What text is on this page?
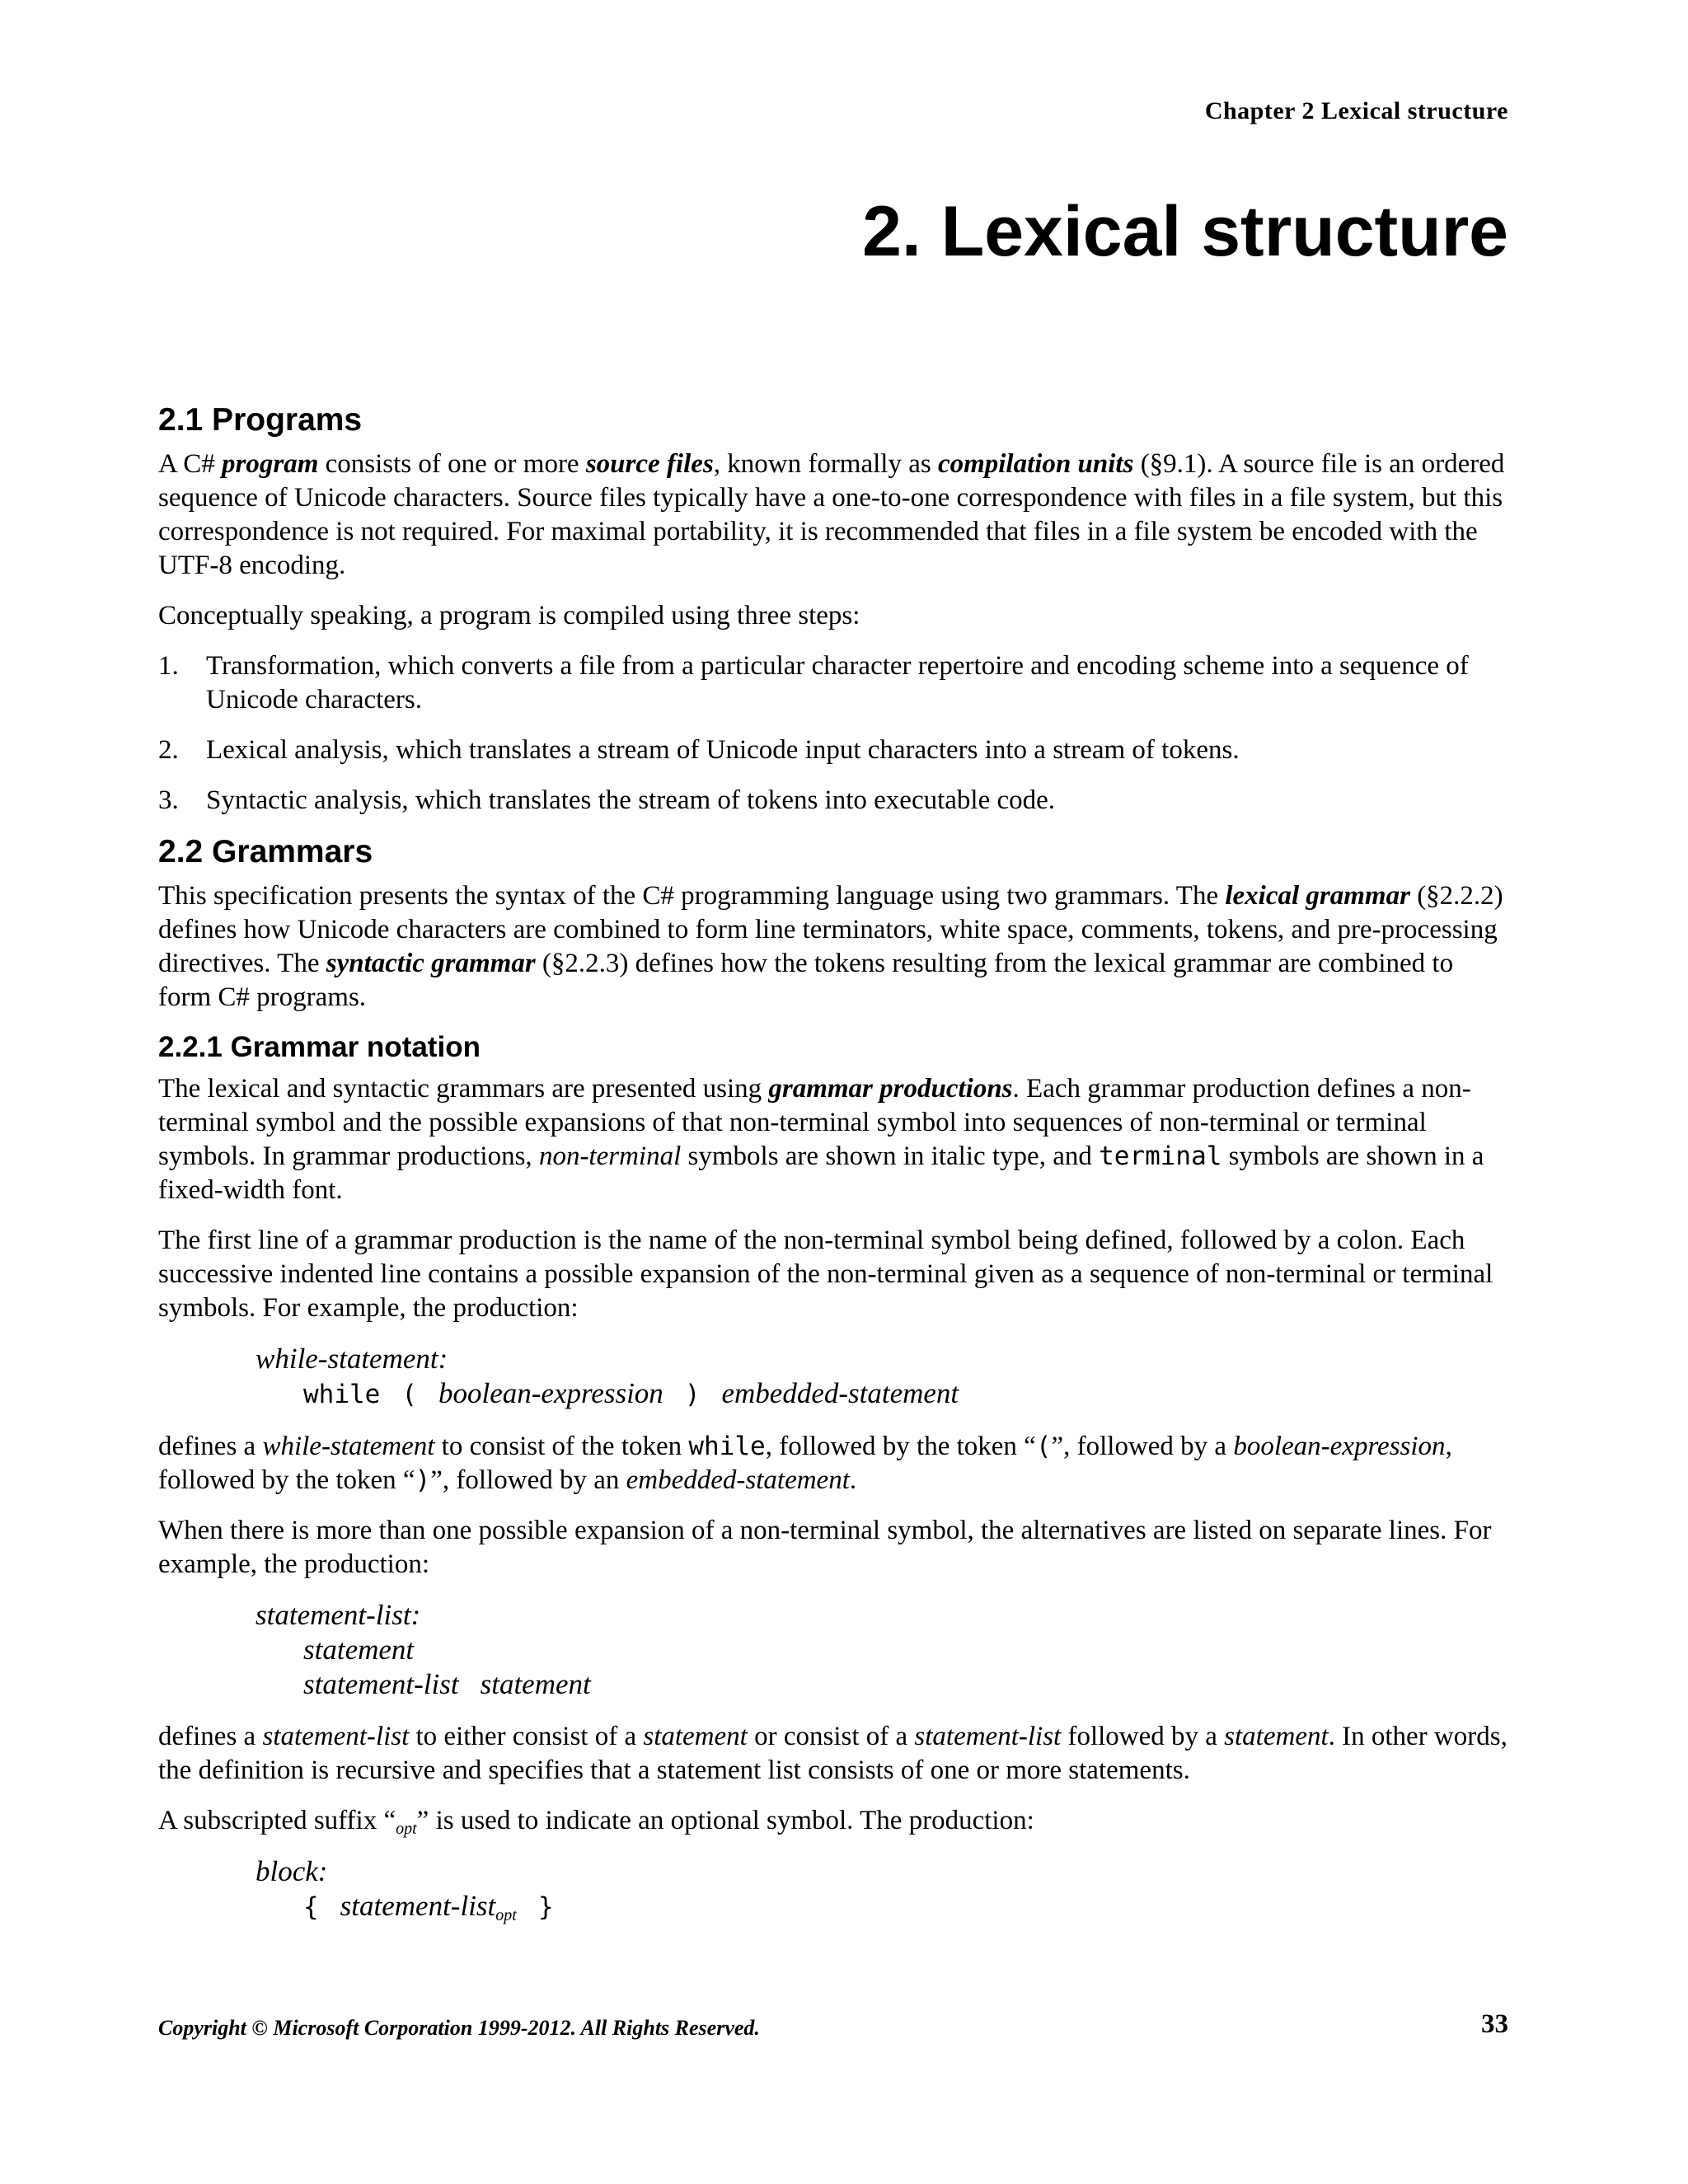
Chapter 2 Lexical structure
2. Lexical structure
2.1 Programs

A C# program consists of one or more source files, known formally as compilation units (§9.1). A source file is an ordered sequence of Unicode characters. Source files typically have a one-to-one correspondence with files in a file system, but this correspondence is not required. For maximal portability, it is recommended that files in a file system be encoded with the UTF-8 encoding.

Conceptually speaking, a program is compiled using three steps:

1. Transformation, which converts a file from a particular character repertoire and encoding scheme into a sequence of Unicode characters.
2. Lexical analysis, which translates a stream of Unicode input characters into a stream of tokens.
3. Syntactic analysis, which translates the stream of tokens into executable code.
2.2 Grammars

This specification presents the syntax of the C# programming language using two grammars. The lexical grammar (§2.2.2) defines how Unicode characters are combined to form line terminators, white space, comments, tokens, and pre-processing directives. The syntactic grammar (§2.2.3) defines how the tokens resulting from the lexical grammar are combined to form C# programs.

2.2.1 Grammar notation

The lexical and syntactic grammars are presented using grammar productions. Each grammar production defines a non-terminal symbol and the possible expansions of that non-terminal symbol into sequences of non-terminal or terminal symbols. In grammar productions, non-terminal symbols are shown in italic type, and terminal symbols are shown in a fixed-width font.

The first line of a grammar production is the name of the non-terminal symbol being defined, followed by a colon. Each successive indented line contains a possible expansion of the non-terminal given as a sequence of non-terminal or terminal symbols. For example, the production:

while-statement:
while ( boolean-expression ) embedded-statement

defines a while-statement to consist of the token while, followed by the token “(”, followed by a boolean-expression, followed by the token “)”, followed by an embedded-statement.

When there is more than one possible expansion of a non-terminal symbol, the alternatives are listed on separate lines. For example, the production:

statement-list:
statement
statement-list statement

defines a statement-list to either consist of a statement or consist of a statement-list followed by a statement. In other words, the definition is recursive and specifies that a statement list consists of one or more statements.

A subscripted suffix “$_{opt}$” is used to indicate an optional symbol. The production:

block:
{ statement-list$_{opt}$ }
Copyright © Microsoft Corporation 1999-2012. All Rights Reserved.	33
